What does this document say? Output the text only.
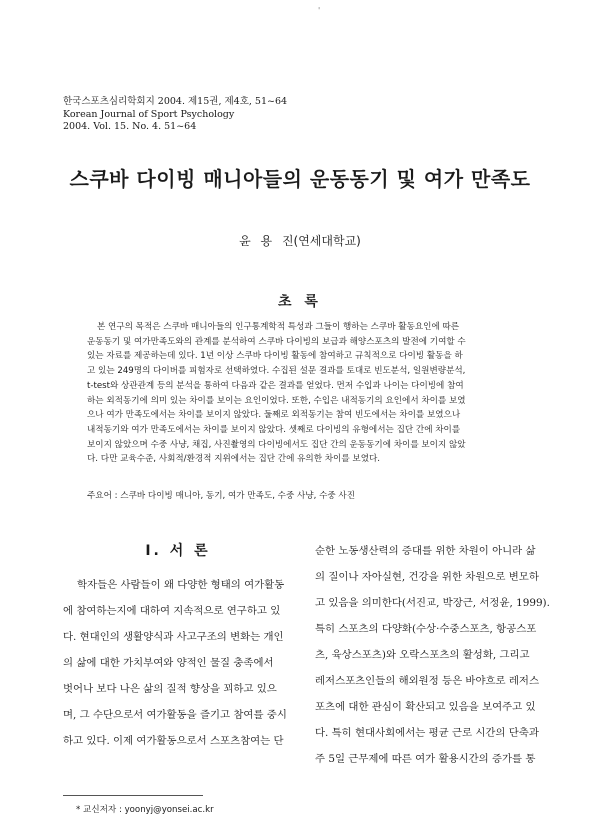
'
한국스포츠심리학회지 2004. 제15권, 제4호, 51~64
Korean Journal of Sport Psychology
2004. Vol. 15. No. 4. 51~64
스쿠바 다이빙 매니아들의 운동동기 및 여가 만족도
윤 용 진(연세대학교)
초 록
본 연구의 목적은 스쿠바 매니아들의 인구통계학적 특성과 그들이 행하는 스쿠바 활동요인에 따른
운동동기 및 여가만족도와의 관계를 분석하여 스쿠바 다이빙의 보급과 해양스포츠의 발전에 기여할 수
있는 자료를 제공하는데 있다. 1년 이상 스쿠바 다이빙 활동에 참여하고 규칙적으로 다이빙 활동을 하
고 있는 249명의 다이버를 피험자로 선택하였다. 수집된 설문 결과를 토대로 빈도분석, 일원변량분석,
t-test와 상관관계 등의 분석을 통하여 다음과 같은 결과를 얻었다. 먼저 수입과 나이는 다이빙에 참여
하는 외적동기에 의미 있는 차이를 보이는 요인이었다. 또한, 수입은 내적동기의 요인에서 차이를 보였
으나 여가 만족도에서는 차이를 보이지 않았다. 둘째로 외적동기는 참여 빈도에서는 차이를 보였으나
내적동기와 여가 만족도에서는 차이를 보이지 않았다. 셋째로 다이빙의 유형에서는 집단 간에 차이를
보이지 않았으며 수중 사냥, 채집, 사진촬영의 다이빙에서도 집단 간의 운동동기에 차이를 보이지 않았
다. 다만 교육수준, 사회적/환경적 지위에서는 집단 간에 유의한 차이를 보였다.
주요어 : 스쿠바 다이빙 매니아, 동기, 여가 만족도, 수중 사냥, 수중 사진
Ⅰ. 서 론
학자들은 사람들이 왜 다양한 형태의 여가활동
에 참여하는지에 대하여 지속적으로 연구하고 있
다. 현대인의 생활양식과 사고구조의 변화는 개인
의 삶에 대한 가치부여와 양적인 물질 충족에서
벗어나 보다 나은 삶의 질적 향상을 꾀하고 있으
며, 그 수단으로서 여가활동을 즐기고 참여를 중시
하고 있다. 이제 여가활동으로서 스포츠참여는 단
순한 노동생산력의 증대를 위한 차원이 아니라 삶
의 질이나 자아실현, 건강을 위한 차원으로 변모하
고 있음을 의미한다(서진교, 박장근, 서정윤, 1999).
특히 스포츠의 다양화(수상·수중스포츠, 항공스포
츠, 육상스포츠)와 오락스포츠의 활성화, 그리고
레저스포츠인들의 해외원정 등은 바야흐로 레저스
포츠에 대한 관심이 확산되고 있음을 보여주고 있
다. 특히 현대사회에서는 평균 근로 시간의 단축과
주 5일 근무제에 따른 여가 활용시간의 증가를 통
* 교신저자 : yoonyj@yonsei.ac.kr
